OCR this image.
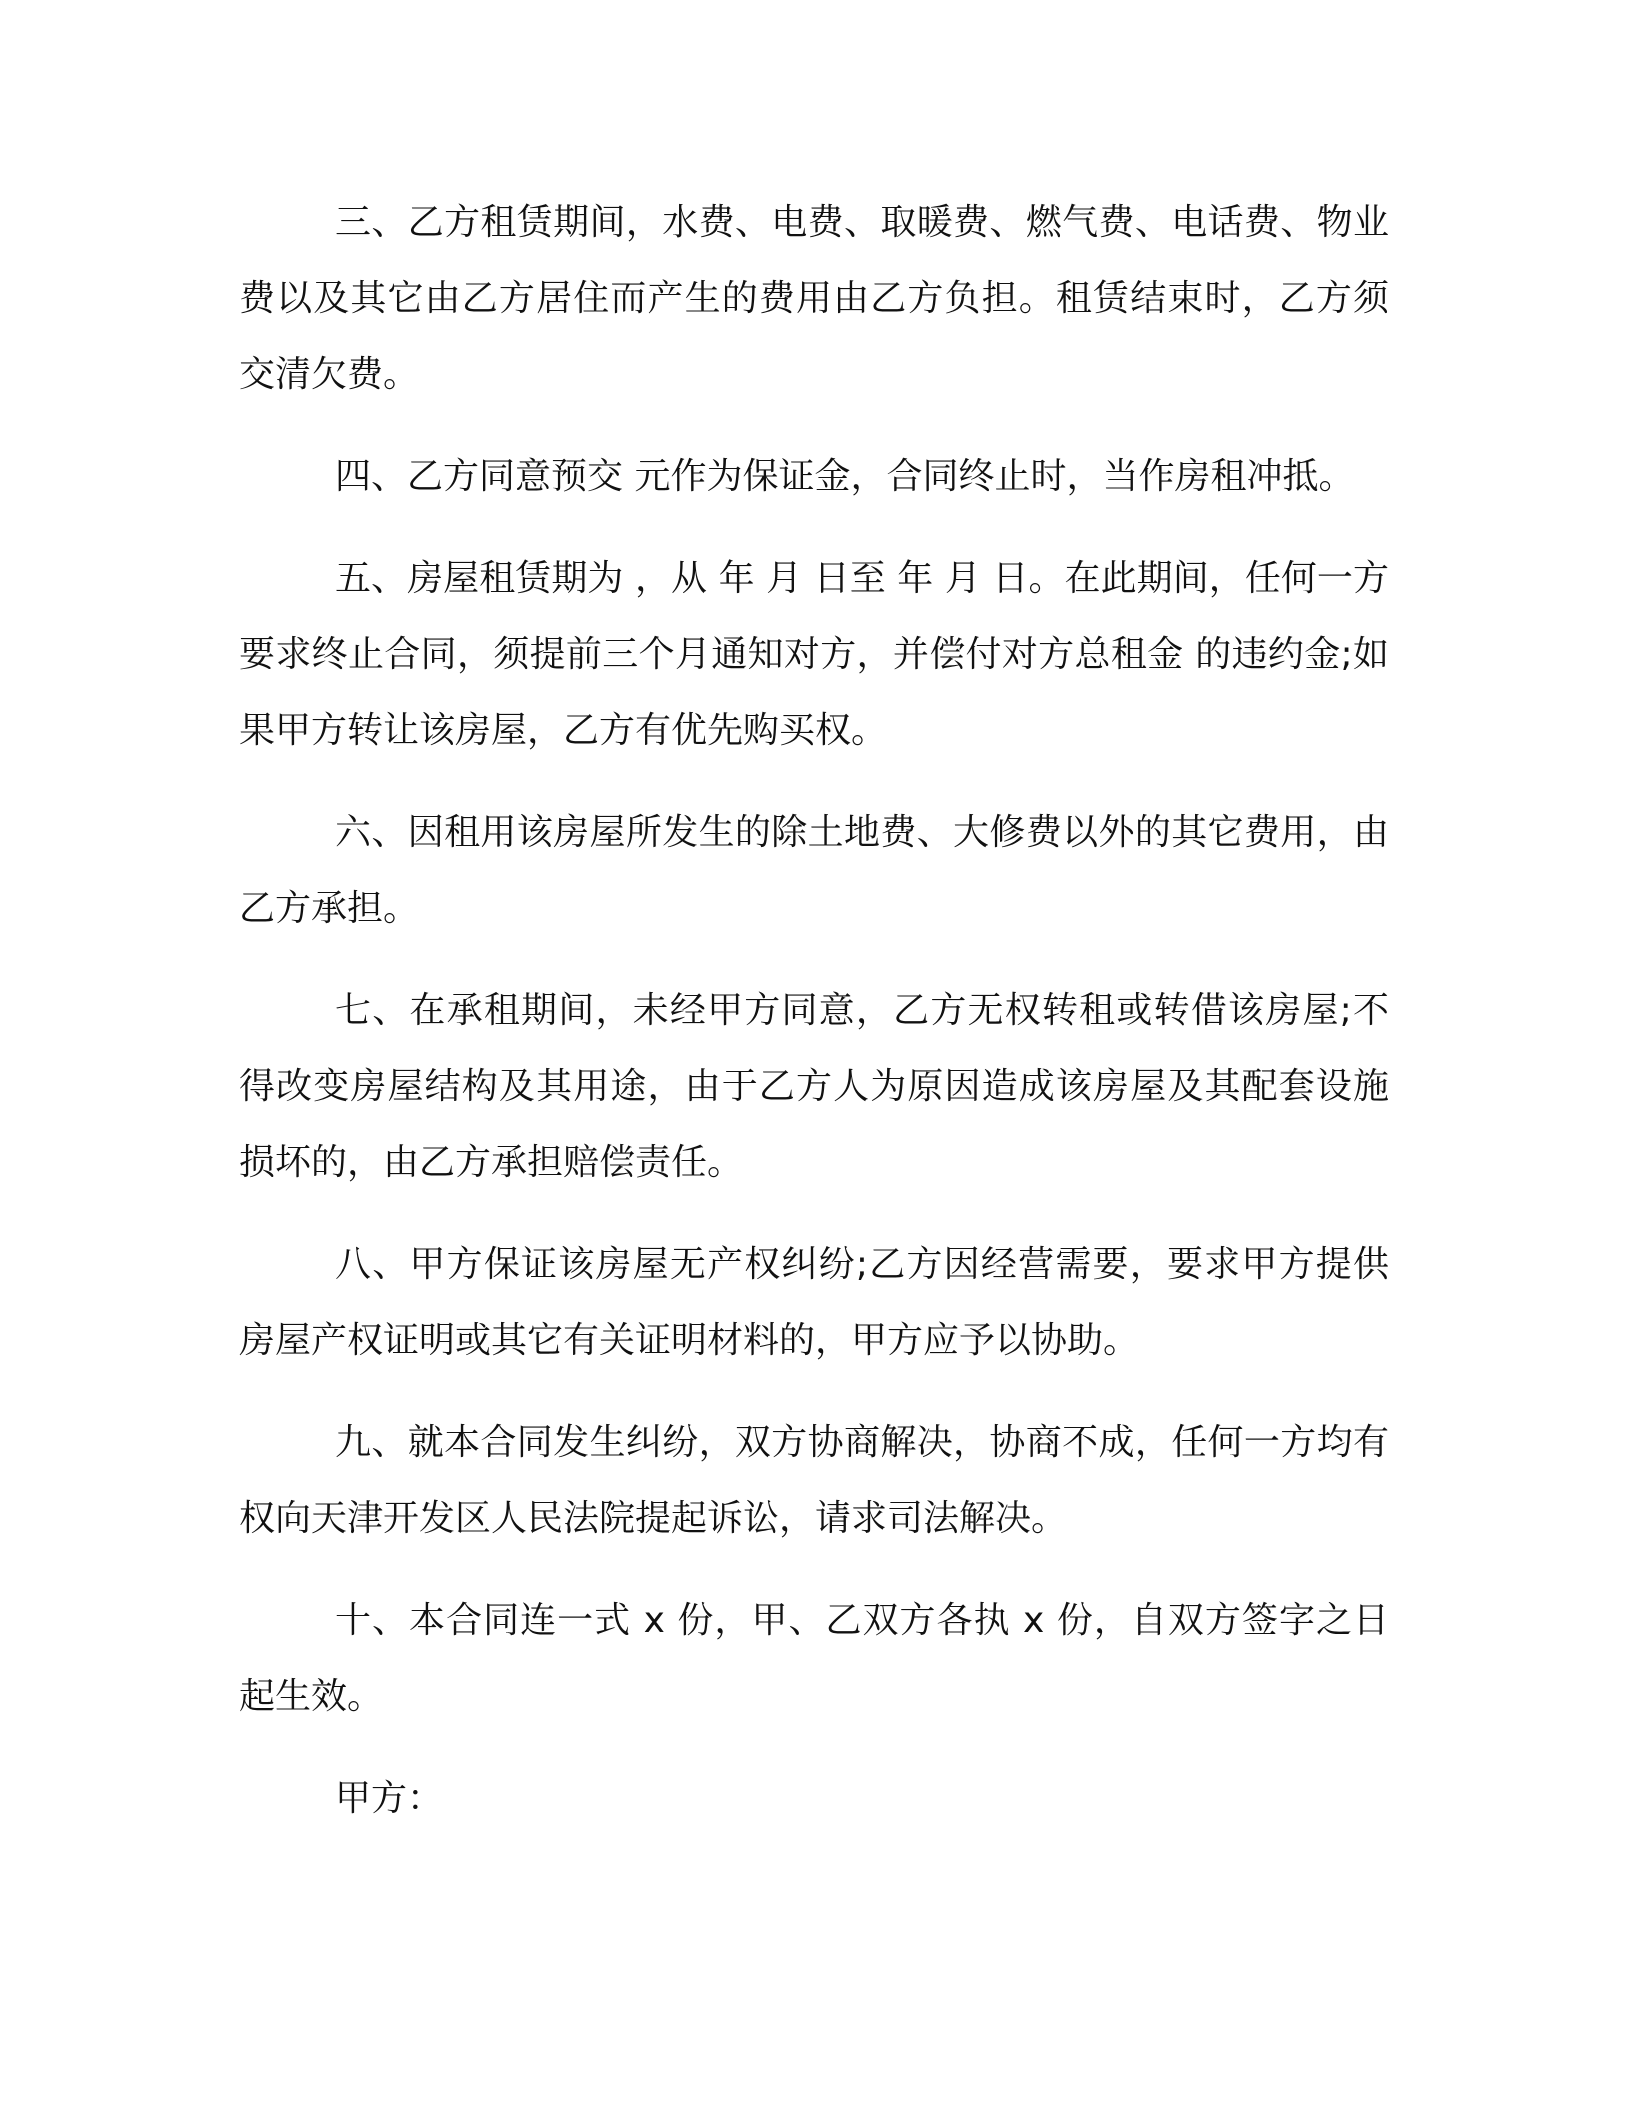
三、乙方租赁期间，水费、电费、取暖费、燃气费、电话费、物业费以及其它由乙方居住而产生的费用由乙方负担。租赁结束时，乙方须交清欠费。

四、乙方同意预交 元作为保证金，合同终止时，当作房租冲抵。

五、房屋租赁期为 ，从 年 月 日至 年 月 日。在此期间，任何一方要求终止合同，须提前三个月通知对方，并偿付对方总租金 的违约金;如果甲方转让该房屋，乙方有优先购买权。

六、因租用该房屋所发生的除土地费、大修费以外的其它费用，由乙方承担。

七、在承租期间，未经甲方同意，乙方无权转租或转借该房屋;不得改变房屋结构及其用途，由于乙方人为原因造成该房屋及其配套设施损坏的，由乙方承担赔偿责任。

八、甲方保证该房屋无产权纠纷;乙方因经营需要，要求甲方提供房屋产权证明或其它有关证明材料的，甲方应予以协助。

九、就本合同发生纠纷，双方协商解决，协商不成，任何一方均有权向天津开发区人民法院提起诉讼，请求司法解决。

十、本合同连一式 x 份，甲、乙双方各执 x 份，自双方签字之日起生效。

甲方：
